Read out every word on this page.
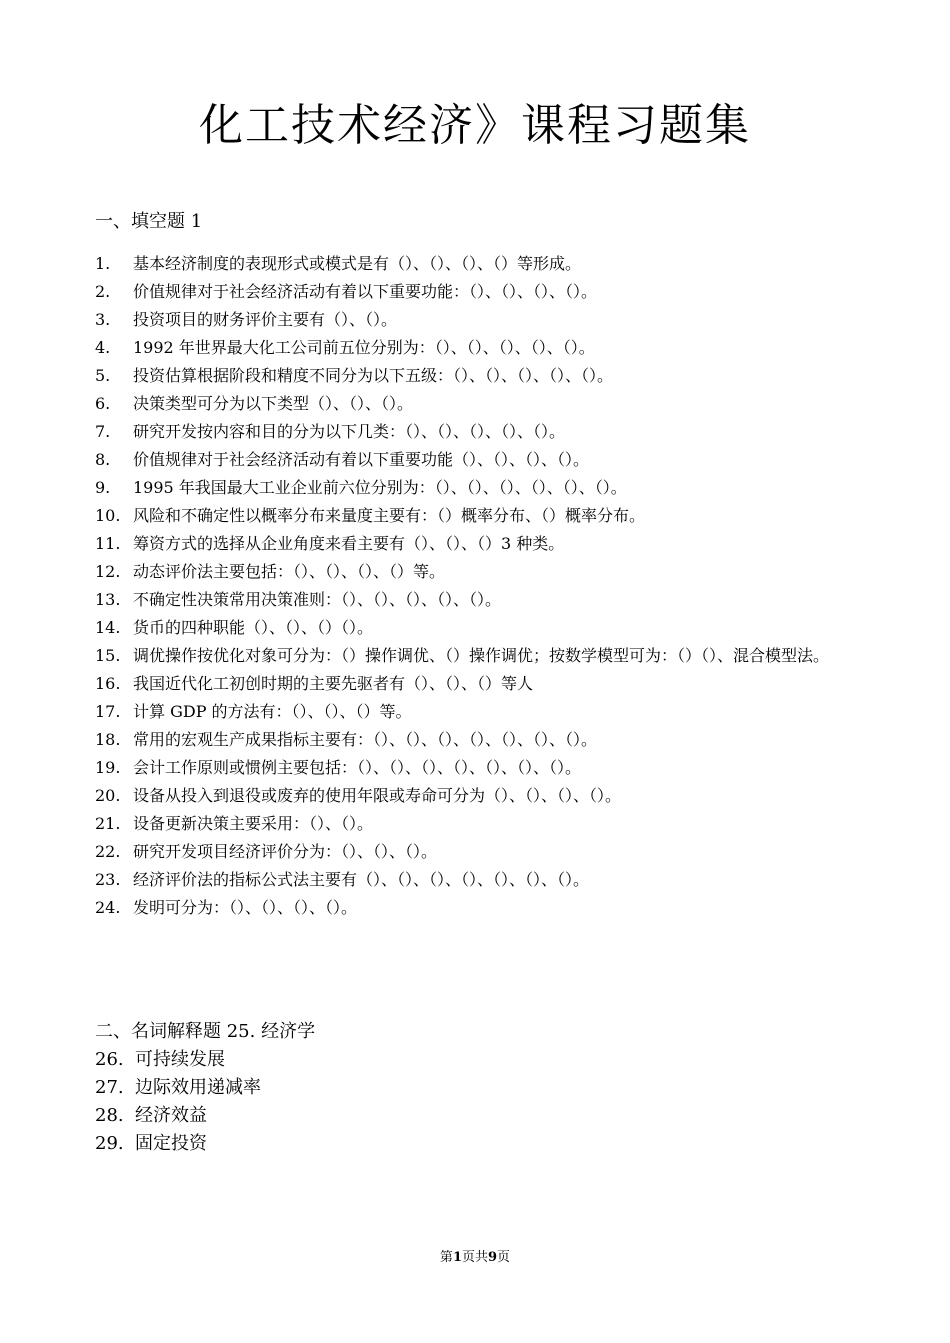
化工技术经济》课程习题集
一、填空题 1
1.	基本经济制度的表现形式或模式是有（）、（）、（）、（）等形成。
2.	价值规律对于社会经济活动有着以下重要功能：（）、（）、（）、（）。
3.	投资项目的财务评价主要有（）、（）。
4.	1992 年世界最大化工公司前五位分别为：（）、（）、（）、（）、（）。
5.	投资估算根据阶段和精度不同分为以下五级：（）、（）、（）、（）、（）。
6.	决策类型可分为以下类型（）、（）、（）。
7.	研究开发按内容和目的分为以下几类：（）、（）、（）、（）、（）。
8.	价值规律对于社会经济活动有着以下重要功能（）、（）、（）、（）。
9.	1995 年我国最大工业企业前六位分别为：（）、（）、（）、（）、（）、（）。
10. 风险和不确定性以概率分布来量度主要有：（）概率分布、（）概率分布。
11. 筹资方式的选择从企业角度来看主要有（）、（）、（）3 种类。
12. 动态评价法主要包括：（）、（）、（）、（）等。
13. 不确定性决策常用决策准则：（）、（）、（）、（）、（）。
14. 货币的四种职能（）、（）、（）（）。
15. 调优操作按优化对象可分为：（）操作调优、（）操作调优；按数学模型可为：（）（）、混合模型法。
16. 我国近代化工初创时期的主要先驱者有（）、（）、（）等人
17. 计算 GDP 的方法有：（）、（）、（）等。
18. 常用的宏观生产成果指标主要有：（）、（）、（）、（）、（）、（）、（）。
19. 会计工作原则或惯例主要包括：（）、（）、（）、（）、（）、（）、（）。
20. 设备从投入到退役或废弃的使用年限或寿命可分为（）、（）、（）、（）。
21. 设备更新决策主要采用：（）、（）。
22. 研究开发项目经济评价分为：（）、（）、（）。
23. 经济评价法的指标公式法主要有（）、（）、（）、（）、（）、（）、（）。
24. 发明可分为：（）、（）、（）、（）。
二、名词解释题 25. 经济学
26. 可持续发展
27. 边际效用递减率
28. 经济效益
29. 固定投资
第1页共9页
